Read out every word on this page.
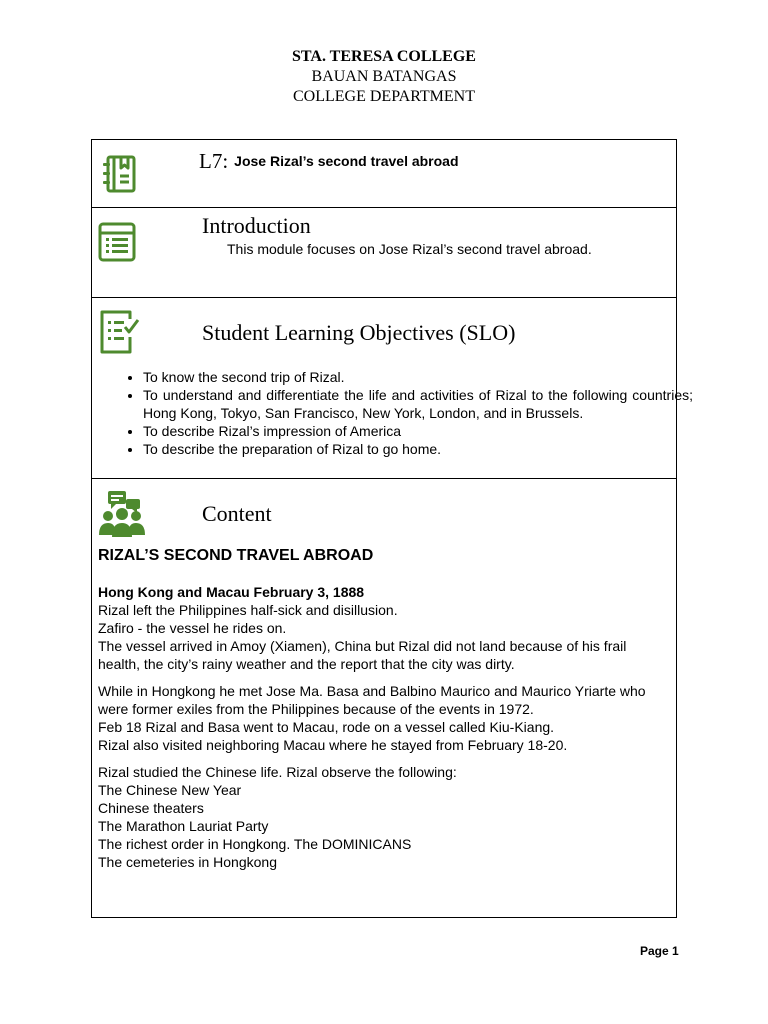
STA. TERESA COLLEGE
BAUAN BATANGAS
COLLEGE DEPARTMENT
L7: Jose Rizal’s second travel abroad
Introduction
This module focuses on Jose Rizal’s second travel abroad.
Student Learning Objectives (SLO)
• To know the second trip of Rizal.
• To understand and differentiate the life and activities of Rizal to the following countries; Hong Kong, Tokyo, San Francisco, New York, London, and in Brussels.
• To describe Rizal’s impression of America
• To describe the preparation of Rizal to go home.
Content
RIZAL’S SECOND TRAVEL ABROAD
Hong Kong and Macau February 3, 1888
Rizal left the Philippines half-sick and disillusion.
Zafiro - the vessel he rides on.
The vessel arrived in Amoy (Xiamen), China but Rizal did not land because of his frail health, the city’s rainy weather and the report that the city was dirty.
While in Hongkong he met Jose Ma. Basa and Balbino Maurico and Maurico Yriarte who were former exiles from the Philippines because of the events in 1972.
Feb 18 Rizal and Basa went to Macau, rode on a vessel called Kiu-Kiang.
Rizal also visited neighboring Macau where he stayed from February 18-20.
Rizal studied the Chinese life. Rizal observe the following:
The Chinese New Year
Chinese theaters
The Marathon Lauriat Party
The richest order in Hongkong. The DOMINICANS
The cemeteries in Hongkong
Page 1
